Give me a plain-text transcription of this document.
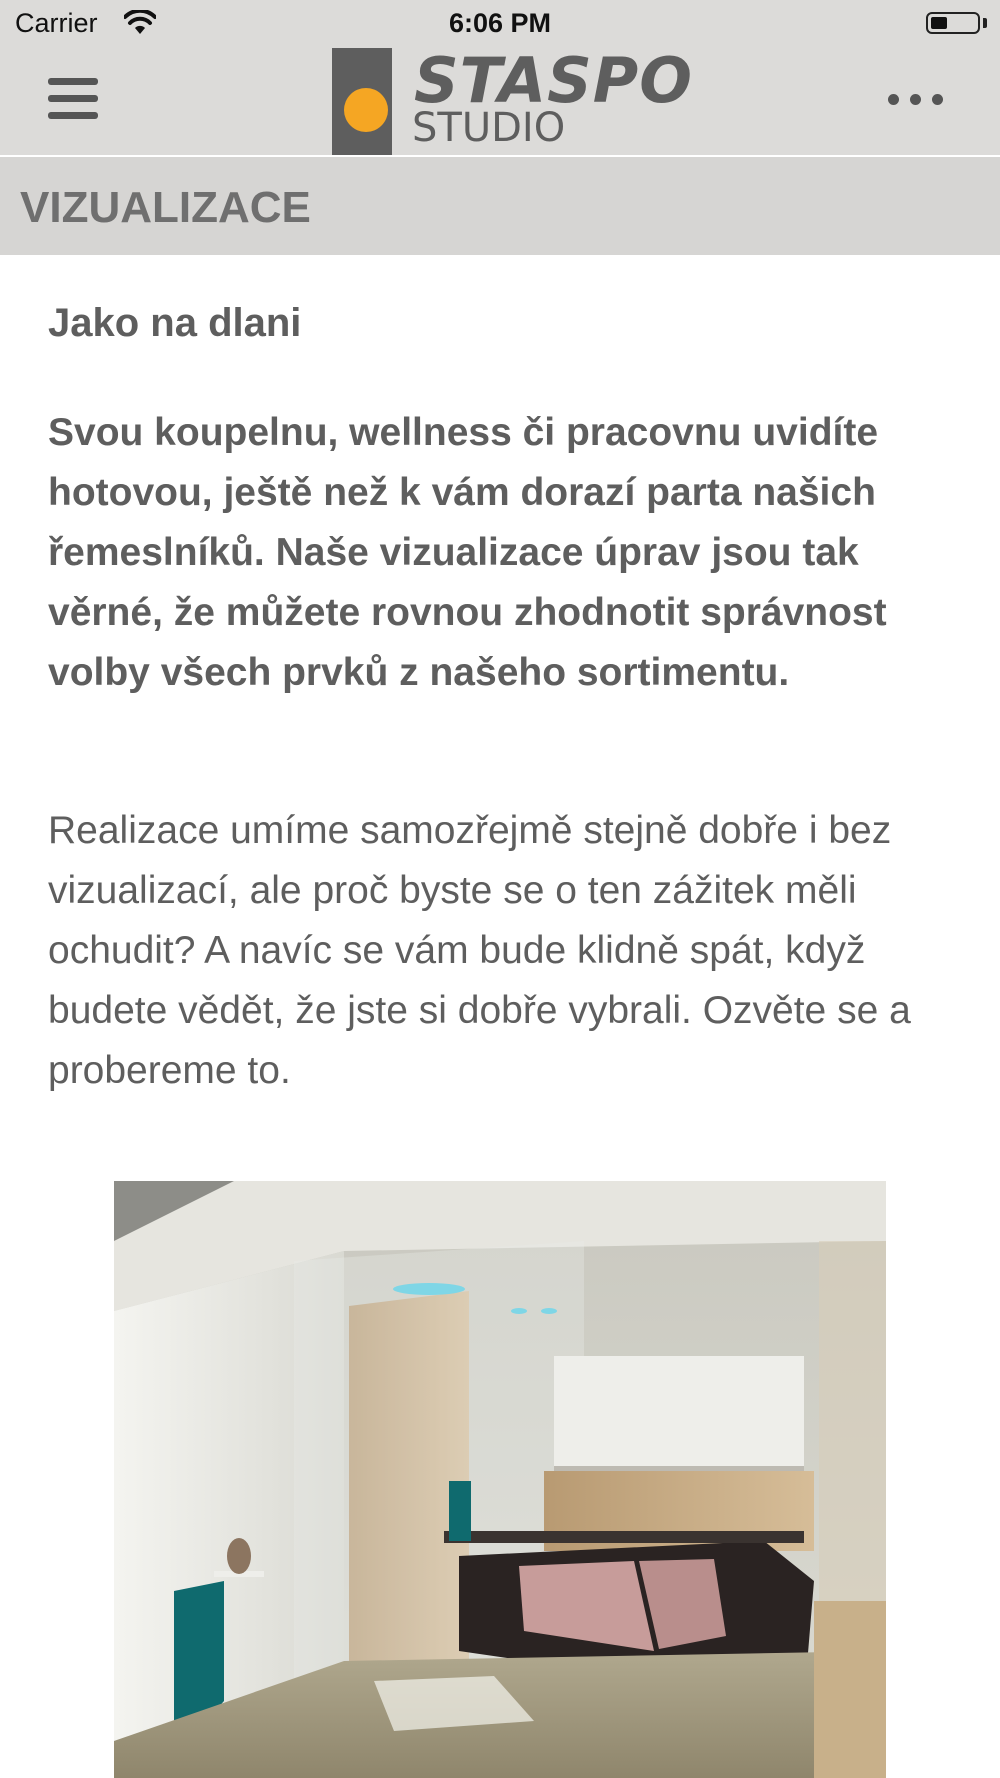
Carrier	6:06 PM
STASPO
STUDIO
VIZUALIZACE
Jako na dlani
Svou koupelnu, wellness či pracovnu uvidíte hotovou, ještě než k vám dorazí parta našich řemeslníků. Naše vizualizace úprav jsou tak věrné, že můžete rovnou zhodnotit správnost volby všech prvků z našeho sortimentu.
Realizace umíme samozřejmě stejně dobře i bez vizualizací, ale proč byste se o ten zážitek měli ochudit? A navíc se vám bude klidně spát, když budete vědět, že jste si dobře vybrali. Ozvěte se a probereme to.
